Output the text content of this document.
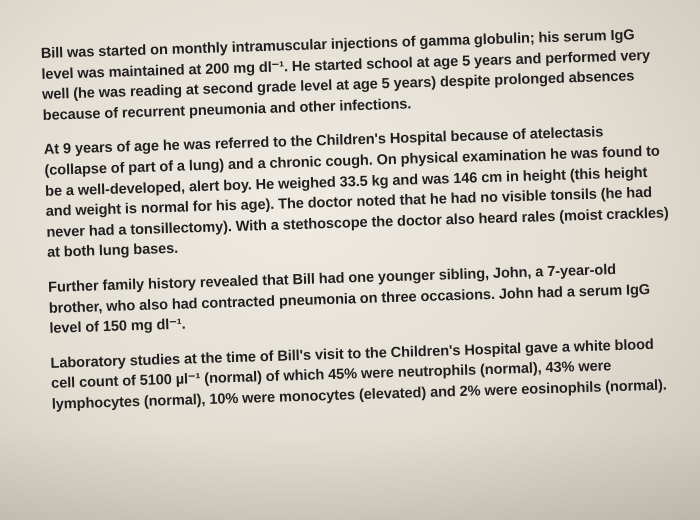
Bill was started on monthly intramuscular injections of gamma globulin; his serum IgG level was maintained at 200 mg dl⁻¹. He started school at age 5 years and performed very well (he was reading at second grade level at age 5 years) despite prolonged absences because of recurrent pneumonia and other infections.

At 9 years of age he was referred to the Children's Hospital because of atelectasis (collapse of part of a lung) and a chronic cough. On physical examination he was found to be a well-developed, alert boy. He weighed 33.5 kg and was 146 cm in height (this height and weight is normal for his age). The doctor noted that he had no visible tonsils (he had never had a tonsillectomy). With a stethoscope the doctor also heard rales (moist crackles) at both lung bases.

Further family history revealed that Bill had one younger sibling, John, a 7-year-old brother, who also had contracted pneumonia on three occasions. John had a serum IgG level of 150 mg dl⁻¹.

Laboratory studies at the time of Bill's visit to the Children's Hospital gave a white blood cell count of 5100 µl⁻¹ (normal) of which 45% were neutrophils (normal), 43% were lymphocytes (normal), 10% were monocytes (elevated) and 2% were eosinophils (normal).
